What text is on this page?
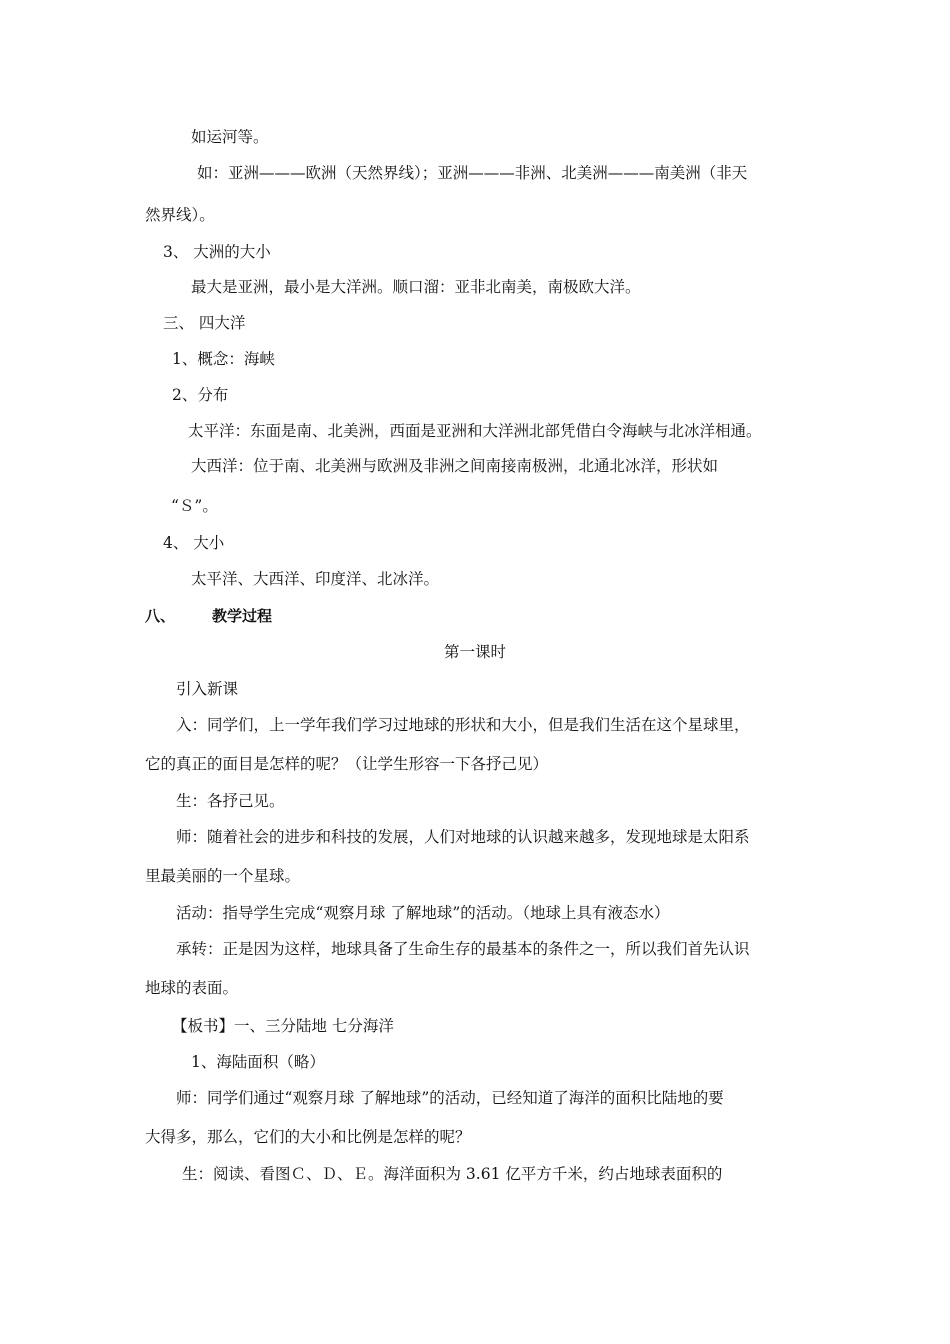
如运河等。
如：亚洲———欧洲（天然界线）；亚洲———非洲、北美洲———南美洲（非天
然界线）。
3、 大洲的大小
最大是亚洲，最小是大洋洲。顺口溜：亚非北南美，南极欧大洋。
三、 四大洋
1、概念：海峡
2、分布
太平洋：东面是南、北美洲，西面是亚洲和大洋洲北部凭借白令海峡与北冰洋相通。
大西洋：位于南、北美洲与欧洲及非洲之间南接南极洲，北通北冰洋，形状如
“Ｓ”。
4、 大小
太平洋、大西洋、印度洋、北冰洋。
八、 教学过程
第一课时
引入新课
入：同学们，上一学年我们学习过地球的形状和大小，但是我们生活在这个星球里，
它的真正的面目是怎样的呢？（让学生形容一下各抒己见）
生：各抒己见。
师：随着社会的进步和科技的发展，人们对地球的认识越来越多，发现地球是太阳系
里最美丽的一个星球。
活动：指导学生完成“观察月球 了解地球”的活动。（地球上具有液态水）
承转：正是因为这样，地球具备了生命生存的最基本的条件之一，所以我们首先认识
地球的表面。
【板书】一、三分陆地 七分海洋
1、海陆面积（略）
师：同学们通过“观察月球 了解地球”的活动，已经知道了海洋的面积比陆地的要
大得多，那么，它们的大小和比例是怎样的呢？
生：阅读、看图Ｃ、Ｄ、Ｅ。海洋面积为 3.61 亿平方千米，约占地球表面积的
